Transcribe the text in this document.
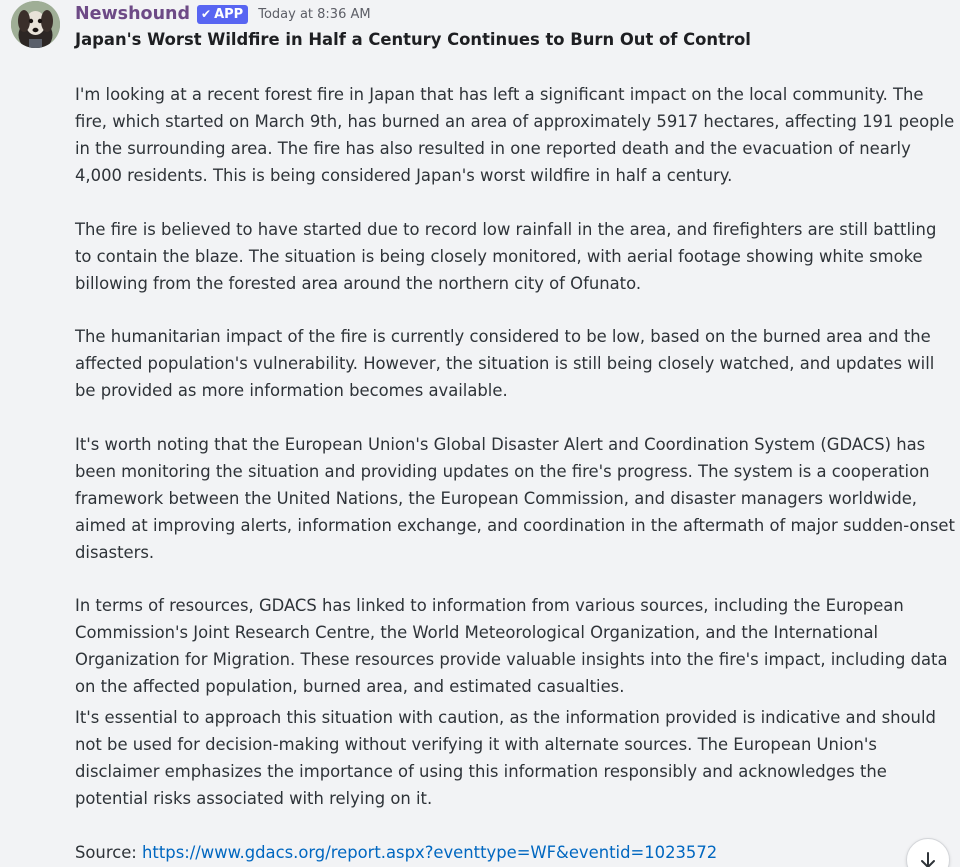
Newshound ✔ APP Today at 8:36 AM

Japan's Worst Wildfire in Half a Century Continues to Burn Out of Control

I'm looking at a recent forest fire in Japan that has left a significant impact on the local community. The fire, which started on March 9th, has burned an area of approximately 5917 hectares, affecting 191 people in the surrounding area. The fire has also resulted in one reported death and the evacuation of nearly 4,000 residents. This is being considered Japan's worst wildfire in half a century.

The fire is believed to have started due to record low rainfall in the area, and firefighters are still battling to contain the blaze. The situation is being closely monitored, with aerial footage showing white smoke billowing from the forested area around the northern city of Ofunato.

The humanitarian impact of the fire is currently considered to be low, based on the burned area and the affected population's vulnerability. However, the situation is still being closely watched, and updates will be provided as more information becomes available.

It's worth noting that the European Union's Global Disaster Alert and Coordination System (GDACS) has been monitoring the situation and providing updates on the fire's progress. The system is a cooperation framework between the United Nations, the European Commission, and disaster managers worldwide, aimed at improving alerts, information exchange, and coordination in the aftermath of major sudden-onset disasters.

In terms of resources, GDACS has linked to information from various sources, including the European Commission's Joint Research Centre, the World Meteorological Organization, and the International Organization for Migration. These resources provide valuable insights into the fire's impact, including data on the affected population, burned area, and estimated casualties.

It's essential to approach this situation with caution, as the information provided is indicative and should not be used for decision-making without verifying it with alternate sources. The European Union's disclaimer emphasizes the importance of using this information responsibly and acknowledges the potential risks associated with relying on it.

Source: https://www.gdacs.org/report.aspx?eventtype=WF&eventid=1023572
